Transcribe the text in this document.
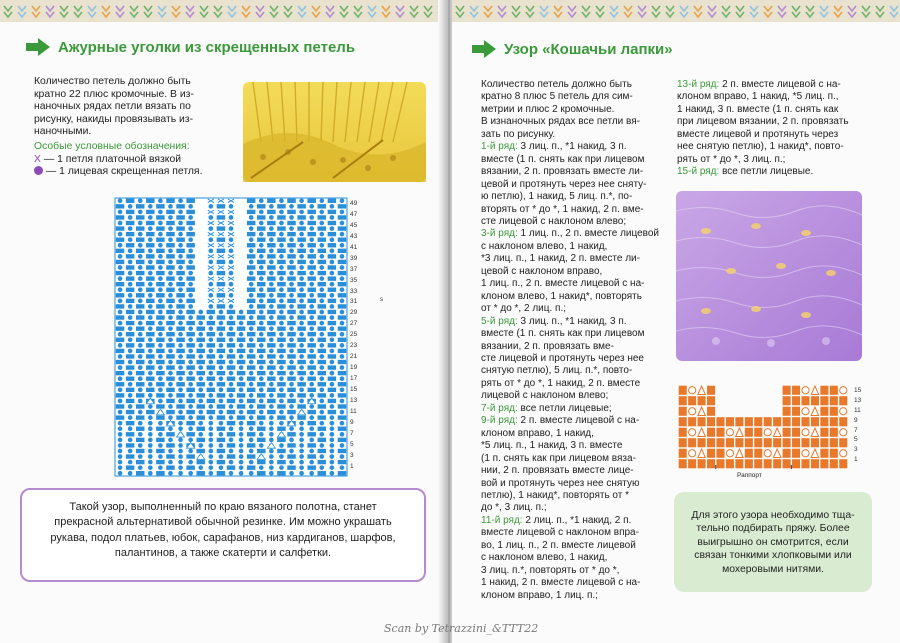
Ажурные уголки из скрещенных петель
Количество петель должно быть
кратно 22 плюс кромочные. В из-
наночных рядах петли вязать по
рисунку, накиды провязывать из-
наночными.
Особые условные обозначения:
Х — 1 петля платочной вязкой
— 1 лицевая скрещенная петля.
49
47
45
43
41
39
37
35
33
31
29
27
25
23
21
19
17
15
13
11
9
7
5
3
1
s
Такой узор, выполненный по краю вязаного полотна, станет
прекрасной альтернативой обычной резинке. Им можно украшать
рукава, подол платьев, юбок, сарафанов, низ кардиганов, шарфов,
палантинов, а также скатерти и салфетки.
Узор «Кошачьи лапки»
Количество петель должно быть
кратно 8 плюс 5 петель для сим-
метрии и плюс 2 кромочные.
В изнаночных рядах все петли вя-
зать по рисунку.
1-й ряд: 3 лиц. п., *1 накид, 3 п.
вместе (1 п. снять как при лицевом
вязании, 2 п. провязать вместе ли-
цевой и протянуть через нее сняту-
ю петлю), 1 накид, 5 лиц. п.*, по-
вторять от * до *, 1 накид, 2 п. вме-
сте лицевой с наклоном влево;
3-й ряд: 1 лиц. п., 2 п. вместе лицевой
с наклоном влево, 1 накид,
*3 лиц. п., 1 накид, 2 п. вместе ли-
цевой с наклоном вправо,
1 лиц. п., 2 п. вместе лицевой с на-
клоном влево, 1 накид*, повторять
от * до *, 2 лиц. п.;
5-й ряд: 3 лиц. п., *1 накид, 3 п.
вместе (1 п. снять как при лицевом
вязании, 2 п. провязать вме-
сте лицевой и протянуть через нее
снятую петлю), 5 лиц. п.*, повто-
рять от * до *, 1 накид, 2 п. вместе
лицевой с наклоном влево;
7-й ряд: все петли лицевые;
9-й ряд: 2 п. вместе лицевой с на-
клоном вправо, 1 накид,
*5 лиц. п., 1 накид, 3 п. вместе
(1 п. снять как при лицевом вяза-
нии, 2 п. провязать вместе лице-
вой и протянуть через нее снятую
петлю), 1 накид*, повторять от *
до *, 3 лиц. п.;
11-й ряд: 2 лиц. п., *1 накид, 2 п.
вместе лицевой с наклоном впра-
во, 1 лиц. п., 2 п. вместе лицевой
с наклоном влево, 1 накид,
3 лиц. п.*, повторять от * до *,
1 накид, 2 п. вместе лицевой с на-
клоном вправо, 1 лиц. п.;
13-й ряд: 2 п. вместе лицевой с на-
клоном вправо, 1 накид, *5 лиц. п.,
1 накид, 3 п. вместе (1 п. снять как
при лицевом вязании, 2 п. провязать
вместе лицевой и протянуть через
нее снятую петлю), 1 накид*, повто-
рять от * до *, 3 лиц. п.;
15-й ряд: все петли лицевые.
15
13
11
9
7
5
3
1
Раппорт
Для этого узора необходимо тща-
тельно подбирать пряжу. Более
выигрышно он смотрится, если
связан тонкими хлопковыми или
мохеровыми нитями.
Scan by Tetrazzini_&TTT22
